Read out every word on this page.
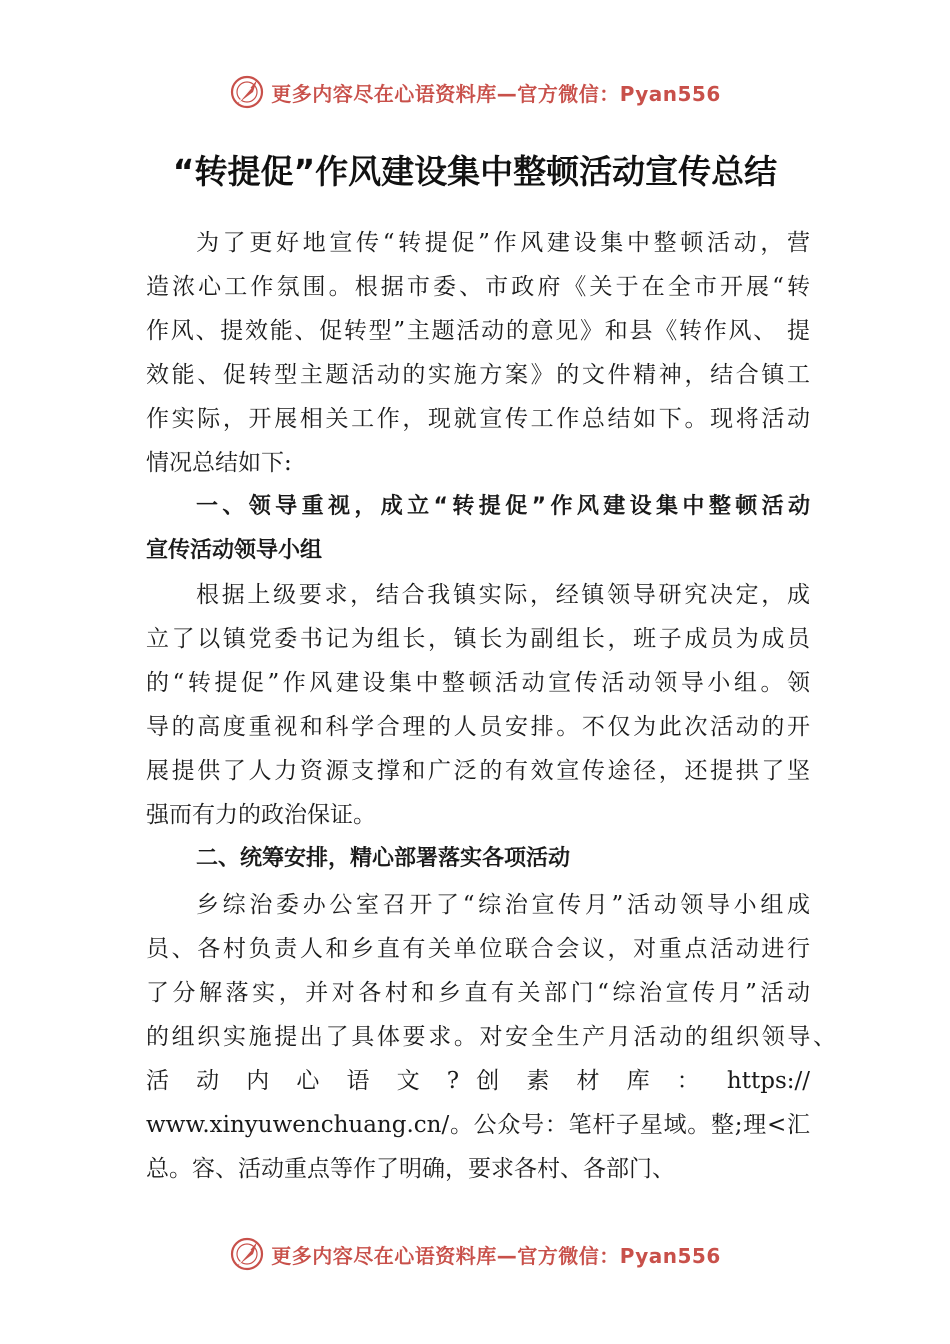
更多内容尽在心语资料库—官方微信：Pyan556
“转提促”作风建设集中整顿活动宣传总结
为了更好地宣传“转提促”作风建设集中整顿活动，营
造浓心工作氛围。根据市委、市政府《关于在全市开展“转
作风、提效能、促转型”主题活动的意见》和县《转作风、 提
效能、促转型主题活动的实施方案》的文件精神，结合镇工
作实际，开展相关工作，现就宣传工作总结如下。现将活动
情况总结如下:
一、领导重视，成立“转提促”作风建设集中整顿活动
宣传活动领导小组
根据上级要求，结合我镇实际，经镇领导研究决定，成
立了以镇党委书记为组长，镇长为副组长，班子成员为成员
的“转提促”作风建设集中整顿活动宣传活动领导小组。领
导的高度重视和科学合理的人员安排。不仅为此次活动的开
展提供了人力资源支撑和广泛的有效宣传途径，还提拱了坚
强而有力的政治保证。
二、统筹安排，精心部署落实各项活动
乡综治委办公室召开了“综治宣传月”活动领导小组成
员、各村负责人和乡直有关单位联合会议，对重点活动进行
了分解落实，并对各村和乡直有关部门“综治宣传月”活动
的组织实施提出了具体要求。对安全生产月活动的组织领导、
活 动 内 心 语 文 ? 创 素 材 库 ： https://
www.xinyuwenchuang.cn/。公众号：笔杆子星域。整;理<汇
总。容、活动重点等作了明确，要求各村、各部门、
更多内容尽在心语资料库—官方微信：Pyan556
